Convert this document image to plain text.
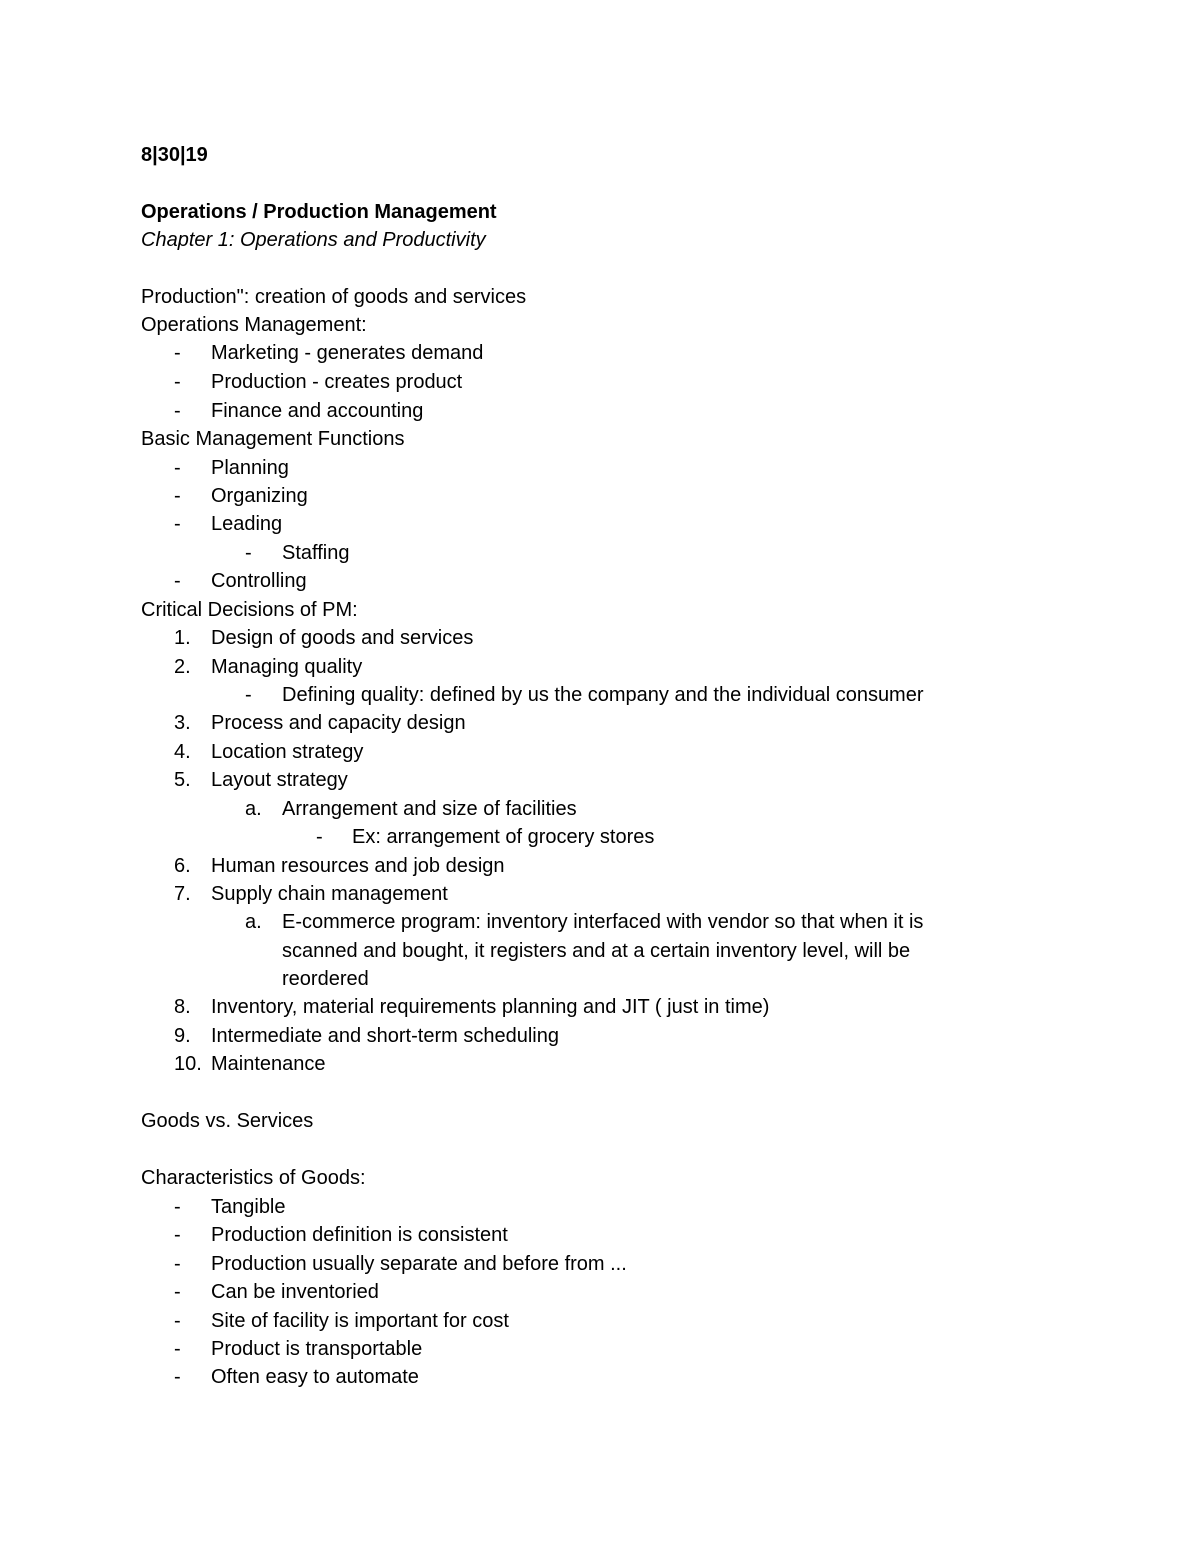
8|30|19
Operations / Production Management
Chapter 1: Operations and Productivity
Production": creation of goods and services
Operations Management:
- Marketing - generates demand
- Production - creates product
- Finance and accounting
Basic Management Functions
- Planning
- Organizing
- Leading
- Staffing
- Controlling
Critical Decisions of PM:
1. Design of goods and services
2. Managing quality
- Defining quality: defined by us the company and the individual consumer
3. Process and capacity design
4. Location strategy
5. Layout strategy
a. Arrangement and size of facilities
- Ex: arrangement of grocery stores
6. Human resources and job design
7. Supply chain management
a. E-commerce program: inventory interfaced with vendor so that when it is
scanned and bought, it registers and at a certain inventory level, will be
reordered
8. Inventory, material requirements planning and JIT ( just in time)
9. Intermediate and short-term scheduling
10. Maintenance
Goods vs. Services
Characteristics of Goods:
- Tangible
- Production definition is consistent
- Production usually separate and before from ...
- Can be inventoried
- Site of facility is important for cost
- Product is transportable
- Often easy to automate
